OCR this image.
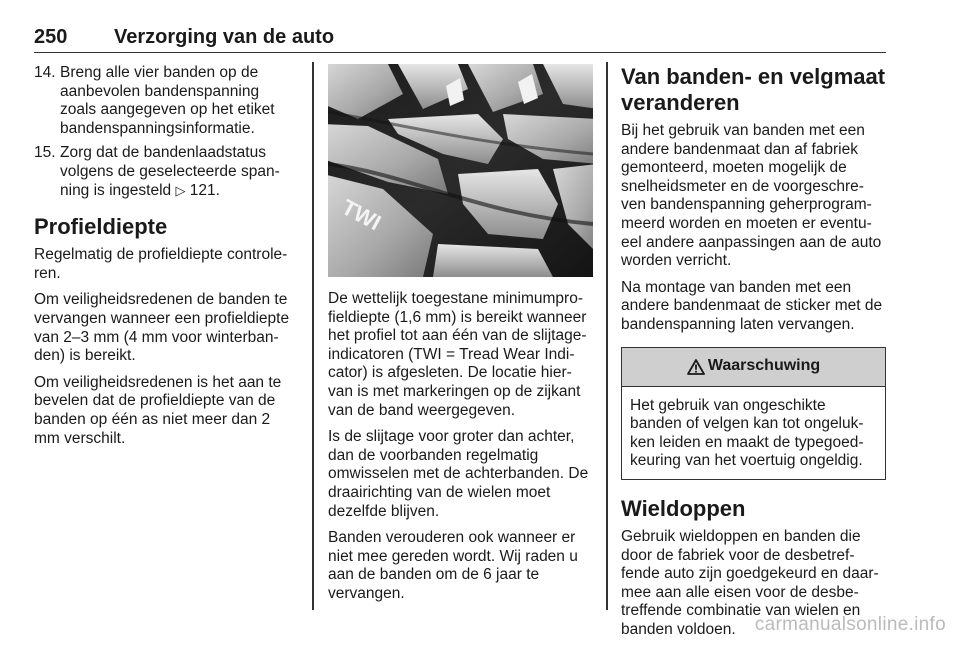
250 Verzorging van de auto
14. Breng alle vier banden op de aanbevolen bandenspanning zoals aangegeven op het etiket bandenspanningsinformatie.
15. Zorg dat de bandenlaadstatus volgens de geselecteerde span-ning is ingesteld ▷ 121.
Profieldiepte

Regelmatig de profieldiepte controle-ren.

Om veiligheidsredenen de banden te vervangen wanneer een profieldiepte van 2–3 mm (4 mm voor winterban-den) is bereikt.

Om veiligheidsredenen is het aan te bevelen dat de profieldiepte van de banden op één as niet meer dan 2 mm verschilt.

TWI

De wettelijk toegestane minimumpro-fieldiepte (1,6 mm) is bereikt wanneer het profiel tot aan één van de slijtage-indicatoren (TWI = Tread Wear Indi-cator) is afgesleten. De locatie hier-van is met markeringen op de zijkant van de band weergegeven.

Is de slijtage voor groter dan achter, dan de voorbanden regelmatig omwisselen met de achterbanden. De draairichting van de wielen moet dezelfde blijven.

Banden verouderen ook wanneer er niet mee gereden wordt. Wij raden u aan de banden om de 6 jaar te vervangen.

Van banden- en velgmaat veranderen

Bij het gebruik van banden met een andere bandenmaat dan af fabriek gemonteerd, moeten mogelijk de snelheidsmeter en de voorgeschre-ven bandenspanning geherprogram-meerd worden en moeten er eventu-eel andere aanpassingen aan de auto worden verricht.

Na montage van banden met een andere bandenmaat de sticker met de bandenspanning laten vervangen.

Waarschuwing
Het gebruik van ongeschikte banden of velgen kan tot ongeluk-ken leiden en maakt de typegoed-keuring van het voertuig ongeldig.
Wieldoppen

Gebruik wieldoppen en banden die door de fabriek voor de desbetref-fende auto zijn goedgekeurd en daar-mee aan alle eisen voor de desbe-treffende combinatie van wielen en banden voldoen.	carmanualsonline.info
